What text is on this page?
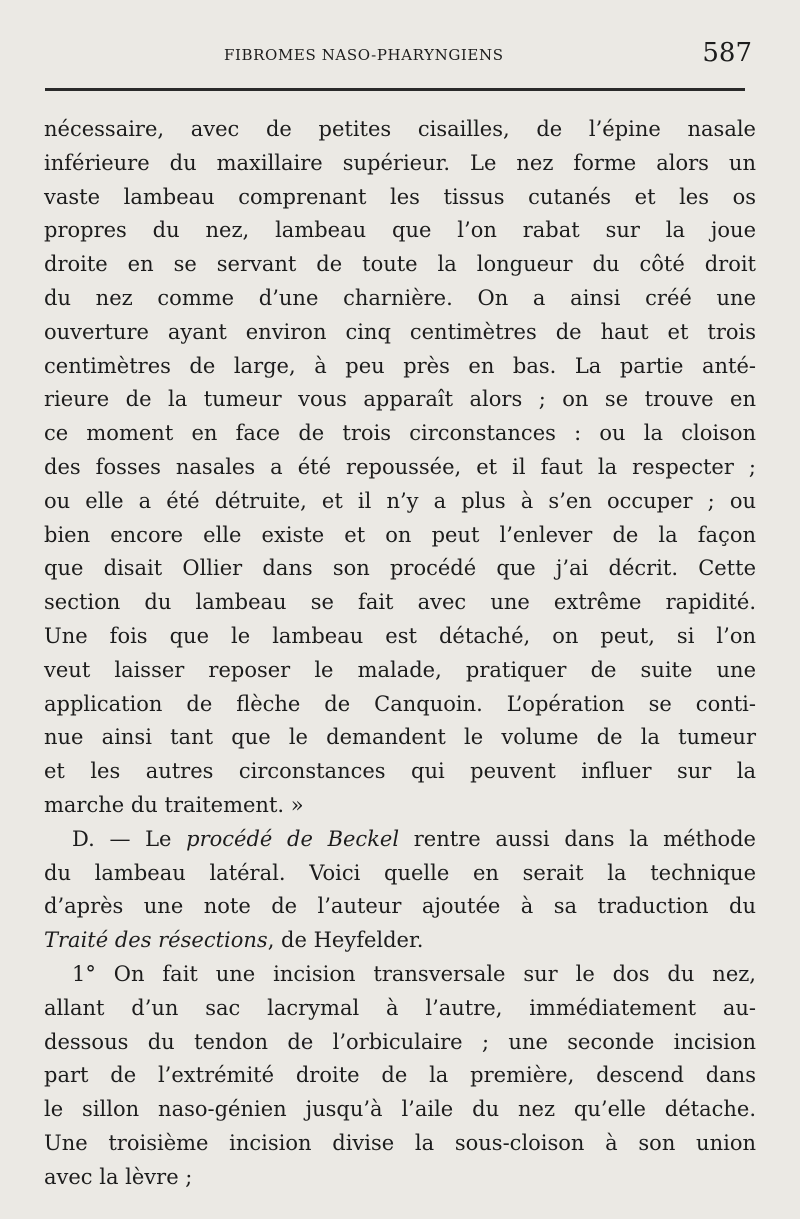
FIBROMES NASO-PHARYNGIENS	587
nécessaire, avec de petites cisailles, de l’épine nasale
inférieure du maxillaire supérieur. Le nez forme alors un
vaste lambeau comprenant les tissus cutanés et les os
propres du nez, lambeau que l’on rabat sur la joue
droite en se servant de toute la longueur du côté droit
du nez comme d’une charnière. On a ainsi créé une
ouverture ayant environ cinq centimètres de haut et trois
centimètres de large, à peu près en bas. La partie anté-
rieure de la tumeur vous apparaît alors ; on se trouve en
ce moment en face de trois circonstances : ou la cloison
des fosses nasales a été repoussée, et il faut la respecter ;
ou elle a été détruite, et il n’y a plus à s’en occuper ; ou
bien encore elle existe et on peut l’enlever de la façon
que disait Ollier dans son procédé que j’ai décrit. Cette
section du lambeau se fait avec une extrême rapidité.
Une fois que le lambeau est détaché, on peut, si l’on
veut laisser reposer le malade, pratiquer de suite une
application de flèche de Canquoin. L’opération se conti-
nue ainsi tant que le demandent le volume de la tumeur
et les autres circonstances qui peuvent influer sur la
marche du traitement. »
D. — Le procédé de Beckel rentre aussi dans la méthode
du lambeau latéral. Voici quelle en serait la technique
d’après une note de l’auteur ajoutée à sa traduction du
Traité des résections, de Heyfelder.
1° On fait une incision transversale sur le dos du nez,
allant d’un sac lacrymal à l’autre, immédiatement au-
dessous du tendon de l’orbiculaire ; une seconde incision
part de l’extrémité droite de la première, descend dans
le sillon naso-génien jusqu’à l’aile du nez qu’elle détache.
Une troisième incision divise la sous-cloison à son union
avec la lèvre ;
